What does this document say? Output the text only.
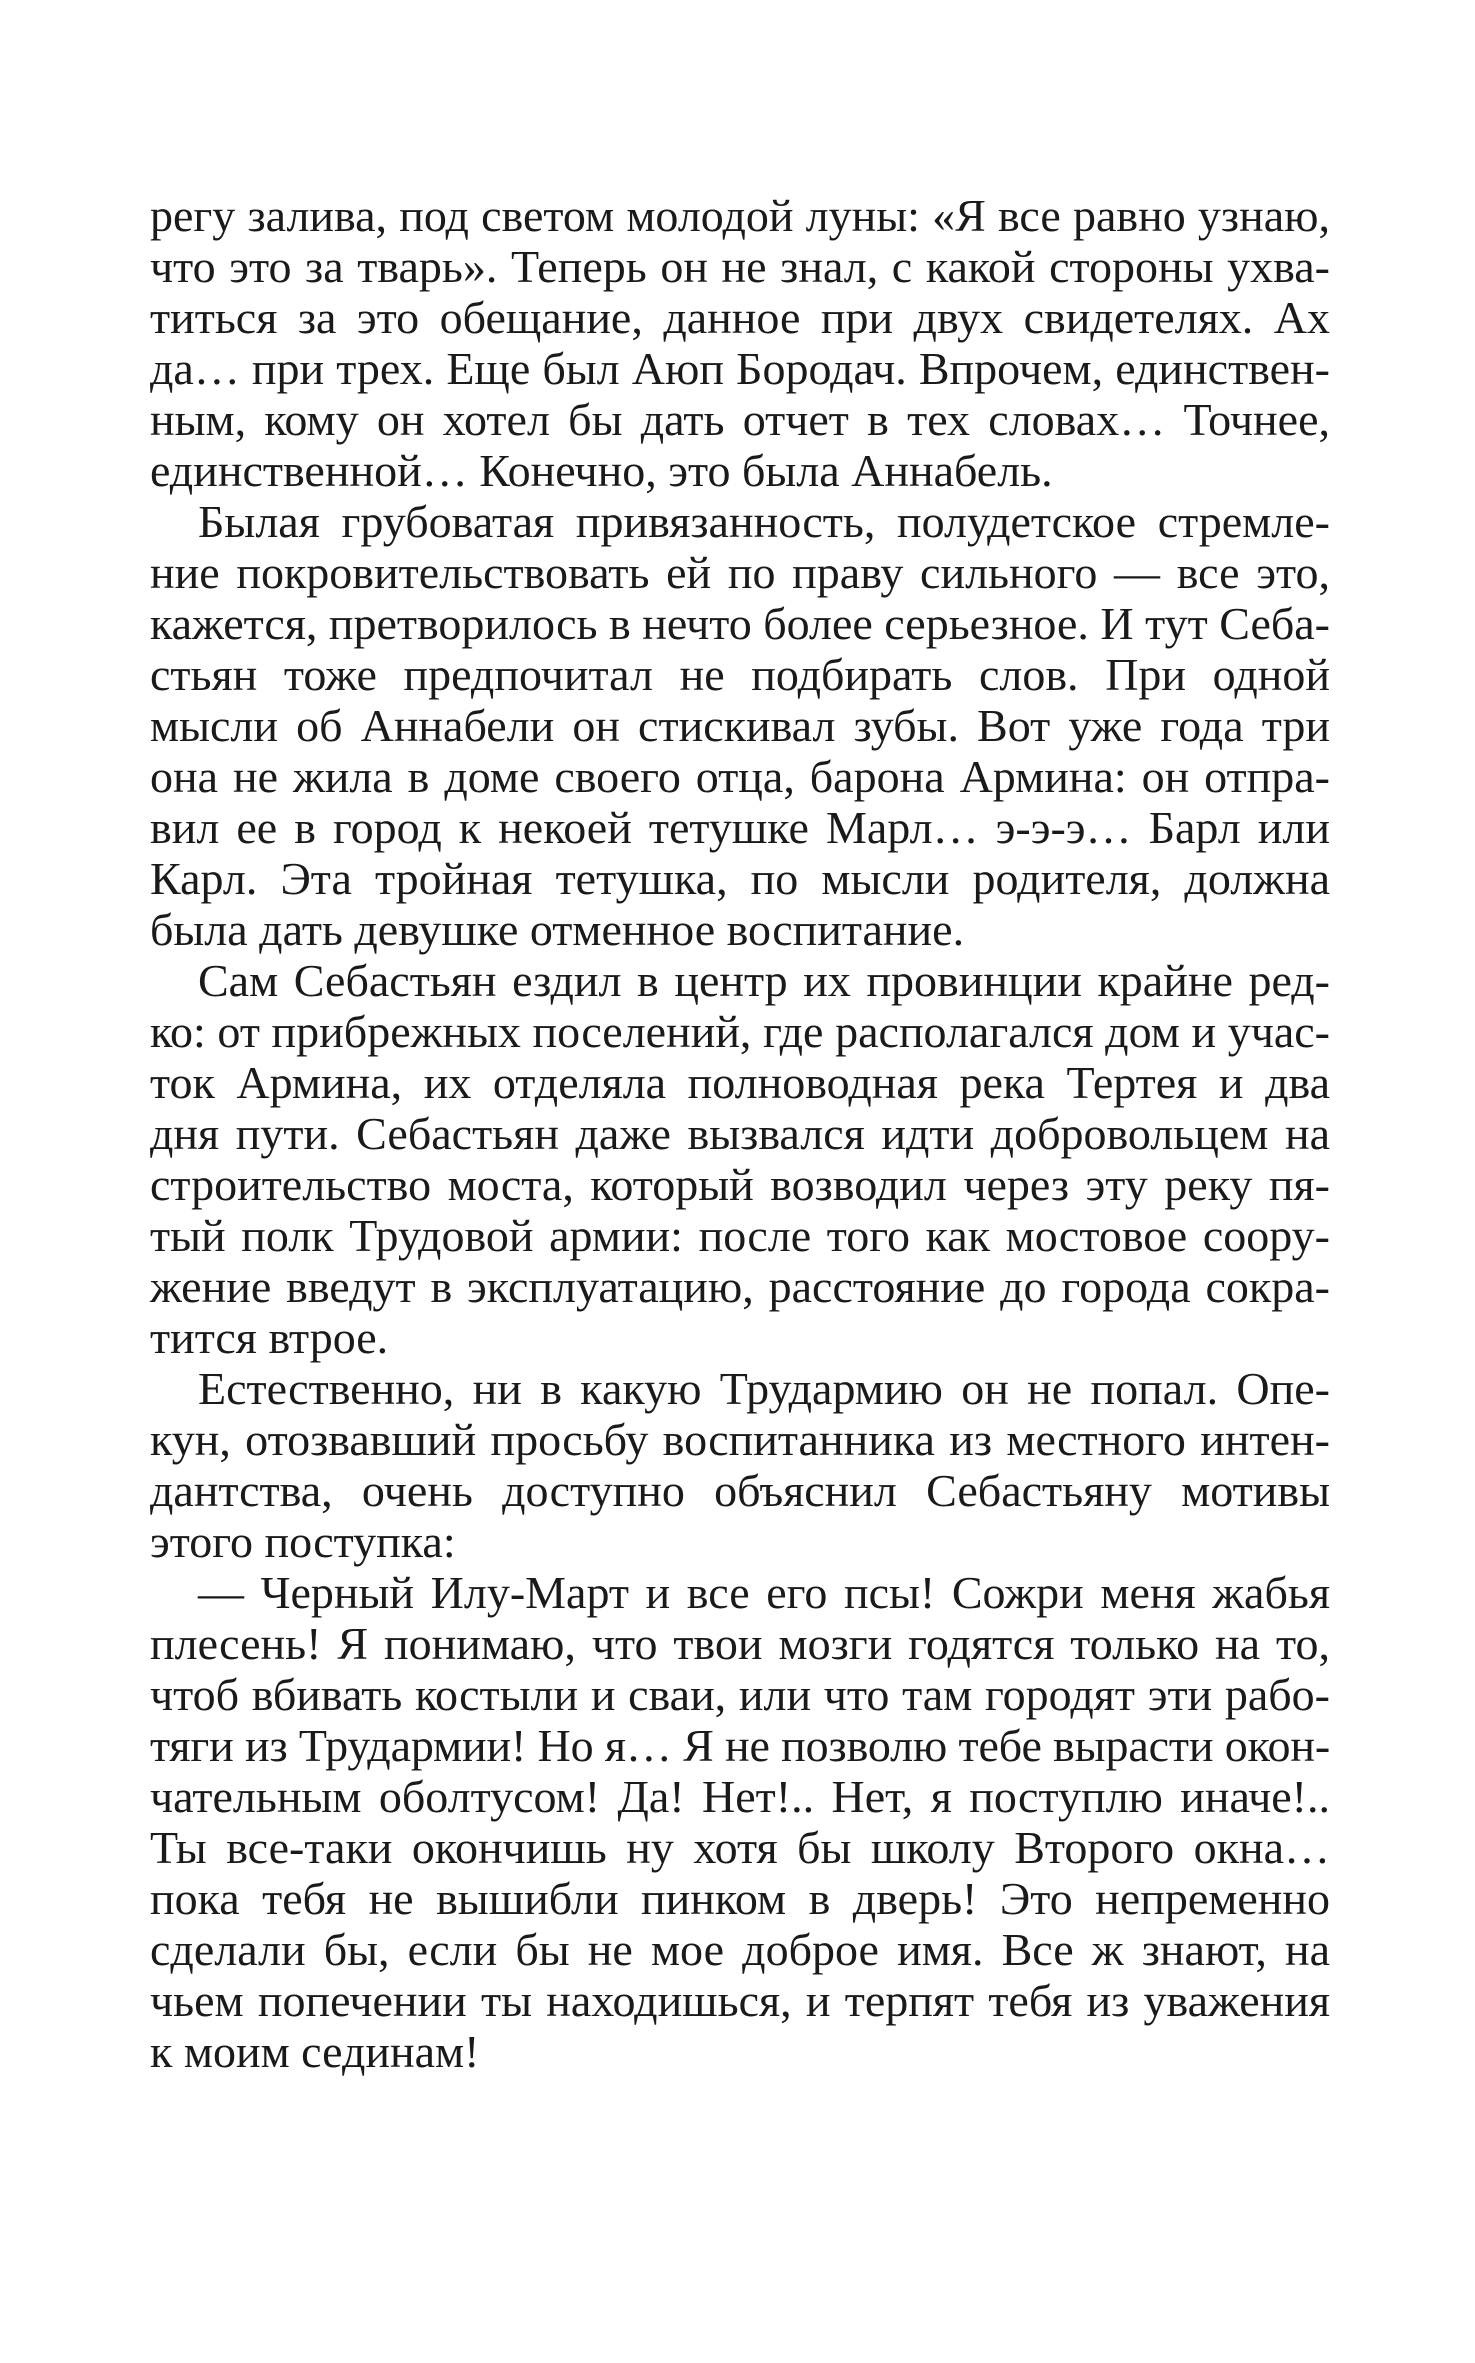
регу залива, под светом молодой луны: «Я все равно узнаю,
что это за тварь». Теперь он не знал, с какой стороны ухва-
титься за это обещание, данное при двух свидетелях. Ах
да… при трех. Еще был Аюп Бородач. Впрочем, единствен-
ным, кому он хотел бы дать отчет в тех словах… Точнее,
единственной… Конечно, это была Аннабель.
Былая грубоватая привязанность, полудетское стремле-
ние покровительствовать ей по праву сильного — все это,
кажется, претворилось в нечто более серьезное. И тут Себа-
стьян тоже предпочитал не подбирать слов. При одной
мысли об Аннабели он стискивал зубы. Вот уже года три
она не жила в доме своего отца, барона Армина: он отпра-
вил ее в город к некоей тетушке Марл… э-э-э… Барл или
Карл. Эта тройная тетушка, по мысли родителя, должна
была дать девушке отменное воспитание.
Сам Себастьян ездил в центр их провинции крайне ред-
ко: от прибрежных поселений, где располагался дом и учас-
ток Армина, их отделяла полноводная река Тертея и два
дня пути. Себастьян даже вызвался идти добровольцем на
строительство моста, который возводил через эту реку пя-
тый полк Трудовой армии: после того как мостовое соору-
жение введут в эксплуатацию, расстояние до города сокра-
тится втрое.
Естественно, ни в какую Трудармию он не попал. Опе-
кун, отозвавший просьбу воспитанника из местного интен-
дантства, очень доступно объяснил Себастьяну мотивы
этого поступка:
— Черный Илу-Март и все его псы! Сожри меня жабья
плесень! Я понимаю, что твои мозги годятся только на то,
чтоб вбивать костыли и сваи, или что там городят эти рабо-
тяги из Трудармии! Но я… Я не позволю тебе вырасти окон-
чательным оболтусом! Да! Нет!.. Нет, я поступлю иначе!..
Ты все-таки окончишь ну хотя бы школу Второго окна…
пока тебя не вышибли пинком в дверь! Это непременно
сделали бы, если бы не мое доброе имя. Все ж знают, на
чьем попечении ты находишься, и терпят тебя из уважения
к моим сединам!
